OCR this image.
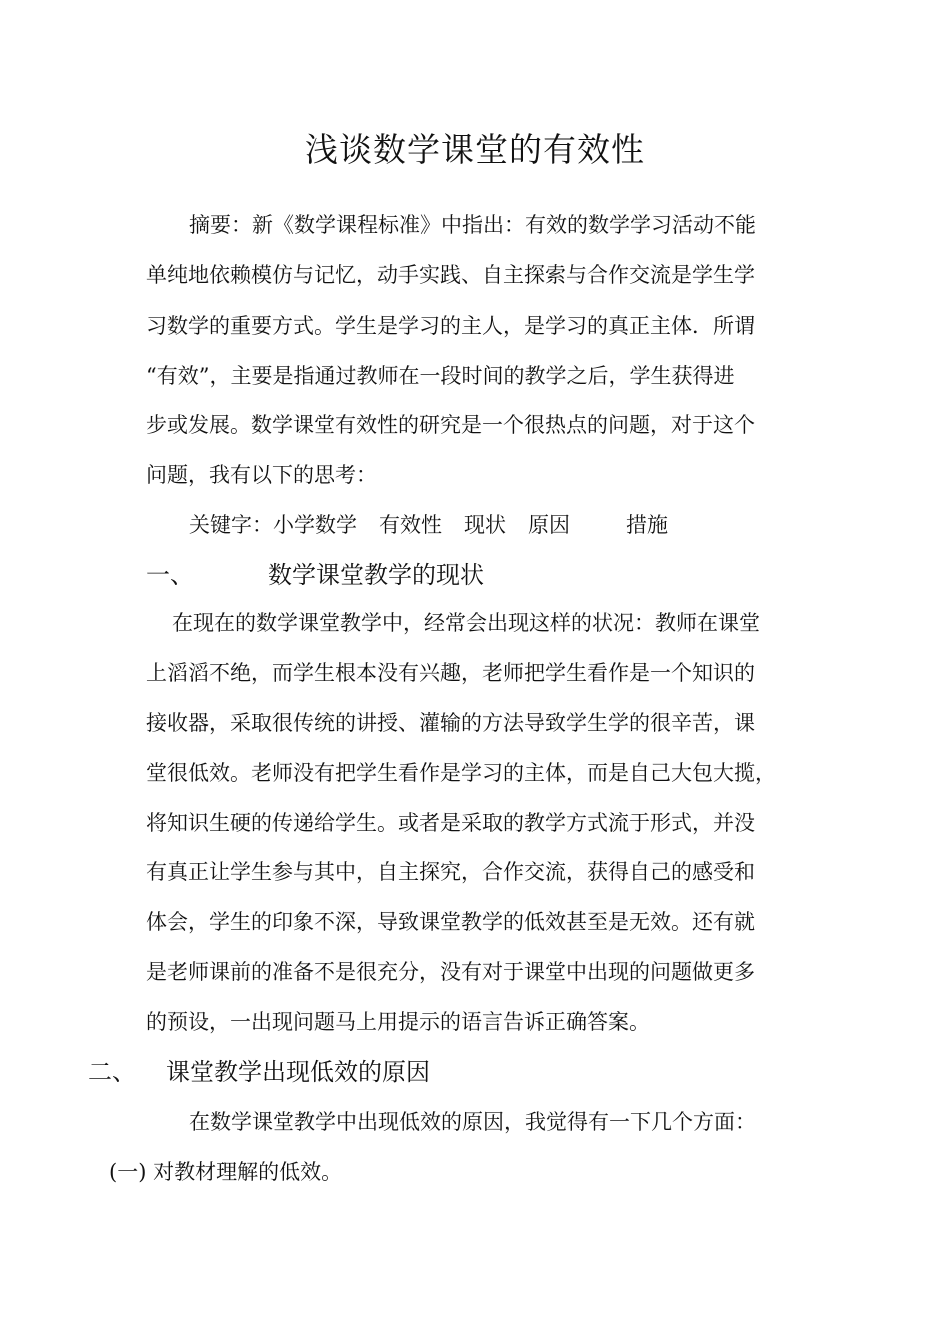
浅谈数学课堂的有效性
摘要：新《数学课程标准》中指出：有效的数学学习活动不能
单纯地依赖模仿与记忆，动手实践、自主探索与合作交流是学生学
习数学的重要方式。学生是学习的主人，是学习的真正主体．所谓
“有效”，主要是指通过教师在一段时间的教学之后，学生获得进
步或发展。数学课堂有效性的研究是一个很热点的问题，对于这个
问题，我有以下的思考：
关键字：小学数学 有效性 现状 原因	措施
一、	数学课堂教学的现状
在现在的数学课堂教学中，经常会出现这样的状况：教师在课堂
上滔滔不绝，而学生根本没有兴趣，老师把学生看作是一个知识的
接收器，采取很传统的讲授、灌输的方法导致学生学的很辛苦，课
堂很低效。老师没有把学生看作是学习的主体，而是自己大包大揽，
将知识生硬的传递给学生。或者是采取的教学方式流于形式，并没
有真正让学生参与其中，自主探究，合作交流，获得自己的感受和
体会，学生的印象不深，导致课堂教学的低效甚至是无效。还有就
是老师课前的准备不是很充分，没有对于课堂中出现的问题做更多
的预设，一出现问题马上用提示的语言告诉正确答案。
二、 课堂教学出现低效的原因
在数学课堂教学中出现低效的原因，我觉得有一下几个方面：
(一) 对教材理解的低效。
